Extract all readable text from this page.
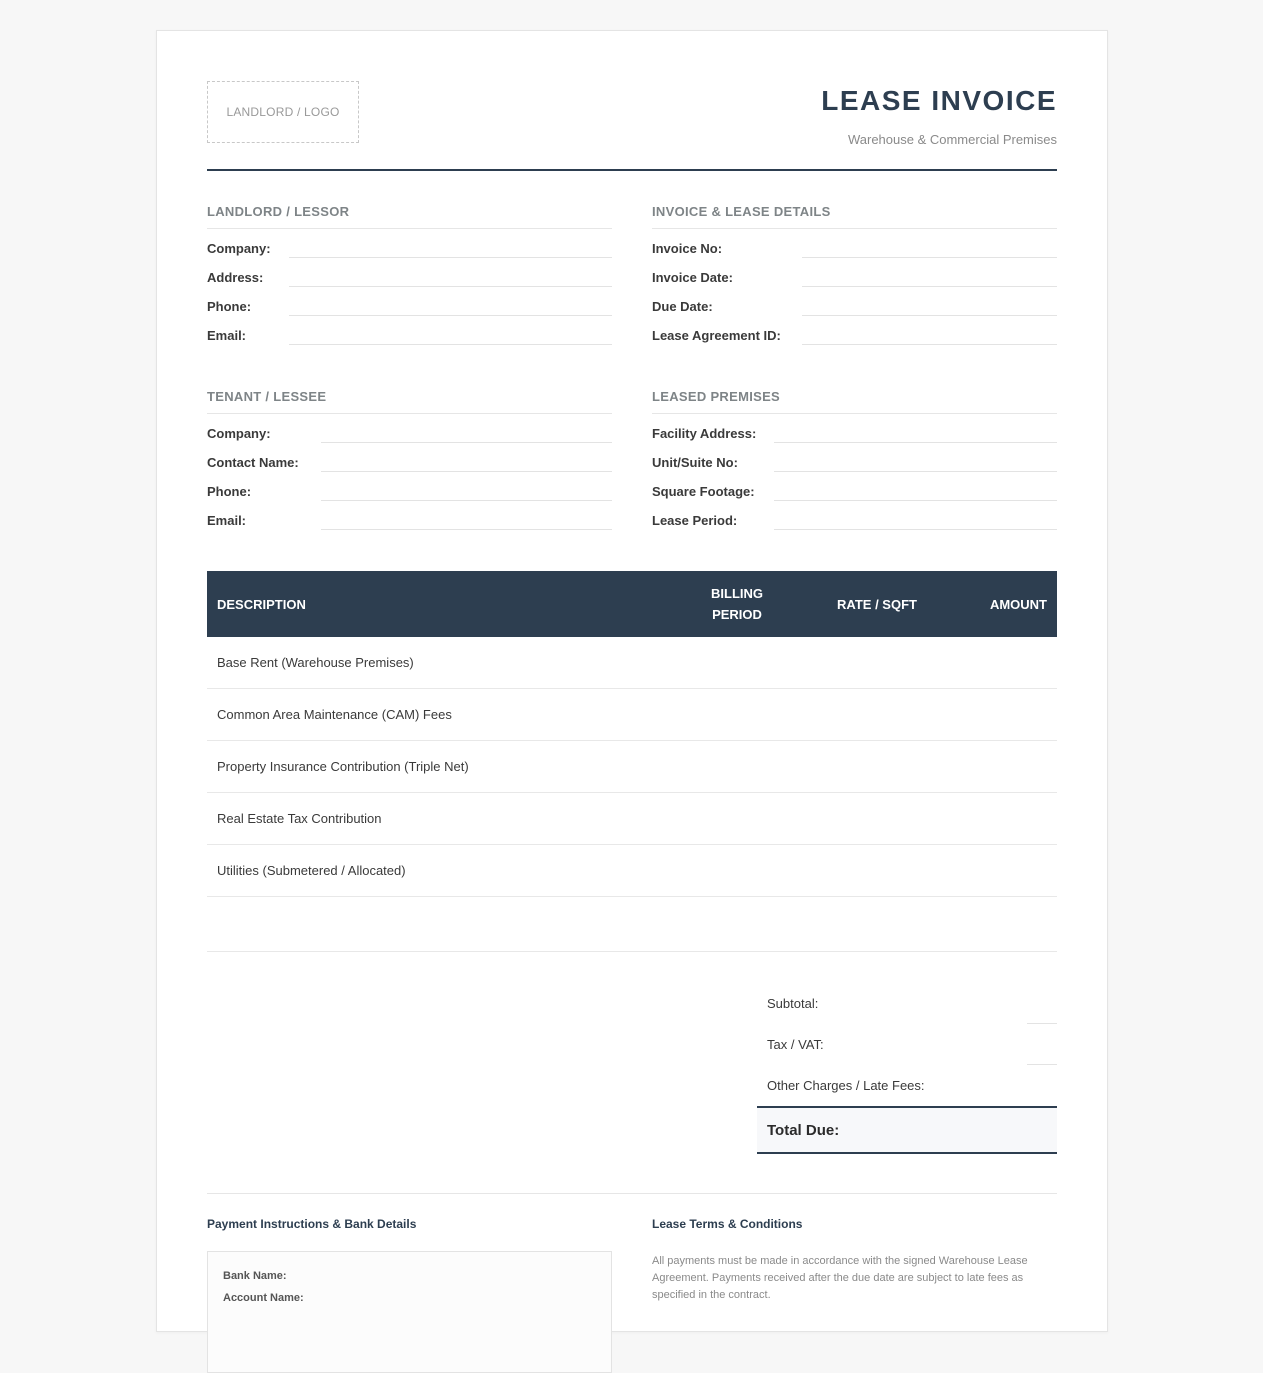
LANDLORD / LOGO	LEASE INVOICE
Warehouse & Commercial Premises
LANDLORD / LESSOR
Company:
Address:
Phone:
Email:
INVOICE & LEASE DETAILS
Invoice No:
Invoice Date:
Due Date:
Lease Agreement ID:
TENANT / LESSEE
Company:
Contact Name:
Phone:
Email:
LEASED PREMISES
Facility Address:
Unit/Suite No:
Square Footage:
Lease Period:
DESCRIPTION
BILLING
PERIOD
RATE / SQFT	AMOUNT
Base Rent (Warehouse Premises)
Common Area Maintenance (CAM) Fees
Property Insurance Contribution (Triple Net)
Real Estate Tax Contribution
Utilities (Submetered / Allocated)
Subtotal:
Tax / VAT:
Other Charges / Late Fees:
Total Due:
Payment Instructions & Bank Details
Bank Name:
Account Name:
Lease Terms & Conditions
All payments must be made in accordance with the signed Warehouse Lease Agreement. Payments received after the due date are subject to late fees as specified in the contract.
